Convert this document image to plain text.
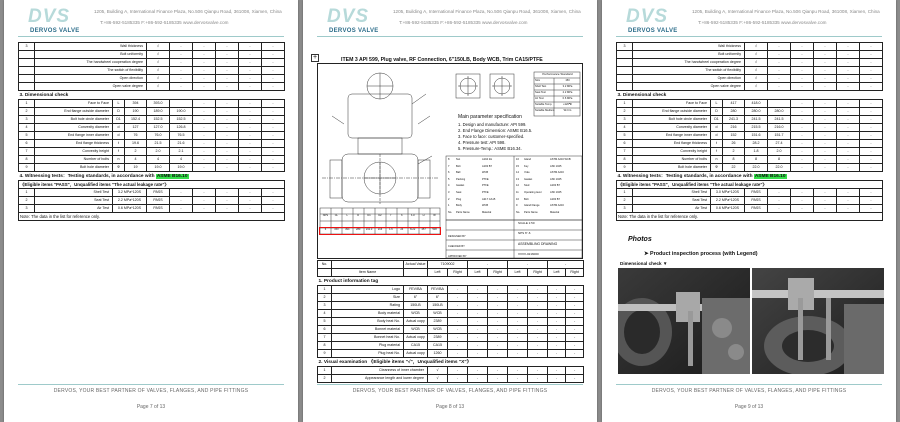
DVS
DERVOS VALVE
1205, Building A, International Finance Plaza, No.506 Qianpu Road, 361008, Xiamen, China
T:+86-592-5185335 F:+86-592-5185335 www.dervosvalve.com
3	Wall thickness			√	-	-	-	-	-
	Bolt uniformity			√	-	-	-	-	-
	The handwheel cooperation degree			√	-	-	-	-	-
	The switch of flexibility			√	-	-	-	-	-
	Open direction			√	-	-	-	-	-
	Open valve degree			√	-	-	-	-	-
3. Dimensional check									
1	Face to Face	L	394	393.0		-	-	-	-
2	End flange outside diameter	D	190	189.0	190.0	-	-	-	-
3	Bolt hole circle diameter	D1	152.4	152.5	152.5	-	-	-	-
4	Convexity diameter	d	127	127.0	126.8	-	-	-	-
5	End flange inner diameter	d	76	76.0	76.5	-	-	-	-
6	End flange thickness	t	19.6	21.5	21.6	-	-	-	-
7	Convexity height	f	2	2.0	2.1	-	-	-	-
8	Number of bolts	n	4	4	4	-	-	-	-
9	Bolt hole diameter	Φ	19	19.0	19.0	-	-	-	-
4. Witnessing tests：Testing standards, in accordance with ASME B16.10									
《Eligible items "PASS"，Unqualified items "The actual leakage rate"》									
1	Shell Test	3.2 MPa*120S		PASS	-	-	-	-	-
2	Seat Test	2.2 MPa*120S		PASS	-	-	-	-	-
3	Air Test	0.6 MPa*120S		PASS	-	-	-	-	-
Note: The data in the list for reference only.									
DERVOS, YOUR BEST PARTNER OF VALVES, FLANGES, AND PIPE FITTINGS
Page 7 of 13
DVS
DERVOS VALVE
1205, Building A, International Finance Plaza, No.506 Qianpu Road, 361008, Xiamen, China
T:+86-592-5185335 F:+86-592-5185335 www.dervosvalve.com
+	ITEM 3 API 599, Plug valve, RF Connection, 6"150LB, Body WCB, Trim CA15/PTFE
Performance Standard
Size	150
Shell Test	3.2 MPa
Seat Test	2.2 MPa
Air Test	0.6 MPa
Suitable Temp.	≤120℃
Suitable Medium	W.O.G
Main parameter specification
1. Design and manufacture: API 599.
2. End Flange Dimension: ASME B16.5.
3. Face to face: customer-specified.
4. Pressure test: API 598.
5. Pressure-Temp.: ASME B16.34.
8	Nut	A194 2H
7	Bolt	A193 B7
6	Ball	WCB
5	Packing	PTFE
4	Gasket	PTFE
3	Seat	PTFE
2	Plug	A217 CA15
1	Body	WCB
No.	Parts Name	Material
16	Gland	ASTM A216 WCB
15	Key	AISI 1045
14	Yoke	ASTM A216
13	Gasket	AISI 1045
12	Stud	A193 B7
11	Operating lever	AISI 1045
10	Bolt	A193 B7
9	Gland Flange	ASTM A216
No.	Parts Name	Material
NPS	CL	L	D	D1	D2	f	b	z-d	H	W
6	150	394	280	241.3	216	1.6	24	8-22	457	508
SCALE 1:50
NPS 6"-6
ASSEMBLING DRAWING
XXXX-0216000
DESIGNED BY
CHECKED BY
APPROVED BY
No.		Actual Value	7109002		-		-		-	
	Item Name		Left	Right	Left	Right	Left	Right	Left	Right
1. Product information tag										
1	Logo	FEV/BA	FEV/BA	-	-	-	-	-	-	-
2	Size	6"	6"	-	-	-	-	-	-	-
3	Rating	150LB	150LB	-	-	-	-	-	-	-
4	Body material	WCB	WCB	-	-	-	-	-	-	-
5	Body heat No.	Actual copy	2389	-	-	-	-	-	-	-
6	Bonnet material	WCB	WCB	-	-	-	-	-	-	-
7	Bonnet heat No.	Actual copy	2389	-	-	-	-	-	-	-
8	Plug material	CA15	CA15	-	-	-	-	-	-	-
9	Plug heat No.	Actual copy	1260	-	-	-	-	-	-	-
2. Visual examination 《Eligible items "√"，Unqualified items "X"》										
1	Cleanness of inner chamber		√	-	-	-	-	-	-	-
2	Appearance length and lower degree		√	-	-	-	-	-	-	-
DERVOS, YOUR BEST PARTNER OF VALVES, FLANGES, AND PIPE FITTINGS
Page 8 of 13
DVS
DERVOS VALVE
1205, Building A, International Finance Plaza, No.506 Qianpu Road, 361008, Xiamen, China
T:+86-592-5185335 F:+86-592-5185335 www.dervosvalve.com
3	Wall thickness			√	-	-	-	-	-
	Bolt uniformity			√	-	-	-	-	-
	The handwheel cooperation degree			√	-	-	-	-	-
	The switch of flexibility			√	-	-	-	-	-
	Open direction			√	-	-	-	-	-
	Open valve degree			√	-	-	-	-	-
3. Dimensional check									
1	Face to Face	L	417	418.0		-	-	-	-
2	End flange outside diameter	D	280	280.0	280.0	-	-	-	-
3	Bolt hole circle diameter	D1	241.3	241.5	241.5	-	-	-	-
4	Convexity diameter	d	216	215.5	216.0	-	-	-	-
5	End flange inner diameter	d	152	151.6	151.7	-	-	-	-
6	End flange thickness	t	26	28.2	27.4	-	-	-	-
7	Convexity height	f	2	1.8	2.0	-	-	-	-
8	Number of bolts	n	8	8	8	-	-	-	-
9	Bolt hole diameter	Φ	22	22.0	22.0	-	-	-	-
4. Witnessing tests：Testing standards, in accordance with ASME B16.10									
《Eligible items "PASS"，Unqualified items "The actual leakage rate"》									
1	Shell Test	3.0 MPa*120S		PASS	-	-	-	-	-
2	Seat Test	2.2 MPa*120S		PASS	-	-	-	-	-
3	Air Test	0.6 MPa*120S		PASS	-	-	-	-	-
Note: The data in the list for reference only.									
Photos
➤ Product inspection process (with Legend)
Dimensional check ▼
DERVOS, YOUR BEST PARTNER OF VALVES, FLANGES, AND PIPE FITTINGS
Page 9 of 13
